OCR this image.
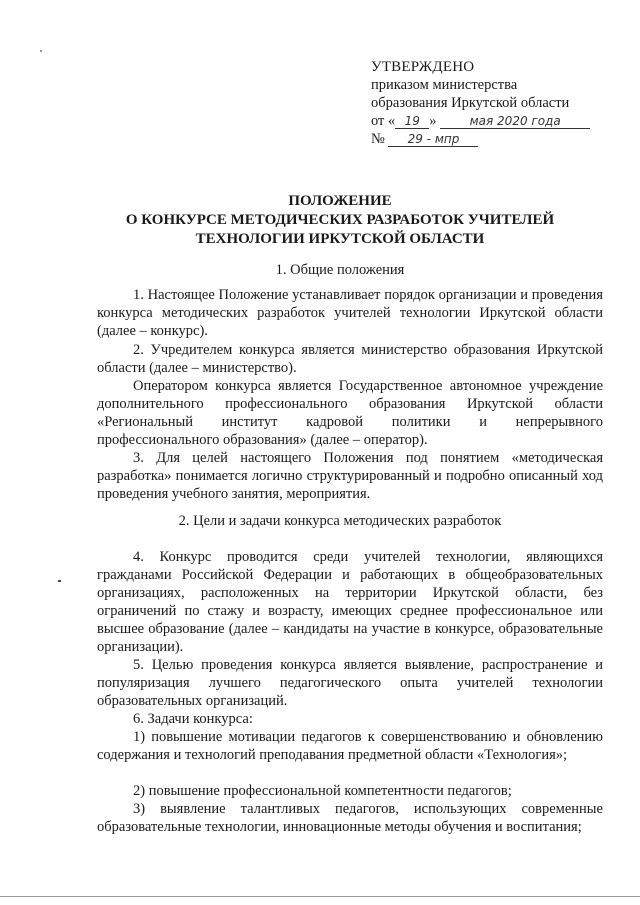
УТВЕРЖДЕНО
приказом министерства
образования Иркутской области
от « 19 »	мая 2020 года
№ 29 - мпр
ПОЛОЖЕНИЕ
О КОНКУРСЕ МЕТОДИЧЕСКИХ РАЗРАБОТОК УЧИТЕЛЕЙ
ТЕХНОЛОГИИ ИРКУТСКОЙ ОБЛАСТИ
1. Общие положения
1. Настоящее Положение устанавливает порядок организации и проведения конкурса методических разработок учителей технологии Иркутской области (далее – конкурс).
2. Учредителем конкурса является министерство образования Иркутской области (далее – министерство).
Оператором конкурса является Государственное автономное учреждение дополнительного профессионального образования Иркутской области «Региональный институт кадровой политики и непрерывного профессионального образования» (далее – оператор).
3. Для целей настоящего Положения под понятием «методическая разработка» понимается логично структурированный и подробно описанный ход проведения учебного занятия, мероприятия.
2. Цели и задачи конкурса методических разработок
4. Конкурс проводится среди учителей технологии, являющихся гражданами Российской Федерации и работающих в общеобразовательных организациях, расположенных на территории Иркутской области, без ограничений по стажу и возрасту, имеющих среднее профессиональное или высшее образование (далее – кандидаты на участие в конкурсе, образовательные организации).
5. Целью проведения конкурса является выявление, распространение и популяризация лучшего педагогического опыта учителей технологии образовательных организаций.
6. Задачи конкурса:
1) повышение мотивации педагогов к совершенствованию и обновлению содержания и технологий преподавания предметной области «Технология»;
2) повышение профессиональной компетентности педагогов;
3) выявление талантливых педагогов, использующих современные образовательные технологии, инновационные методы обучения и воспитания;
